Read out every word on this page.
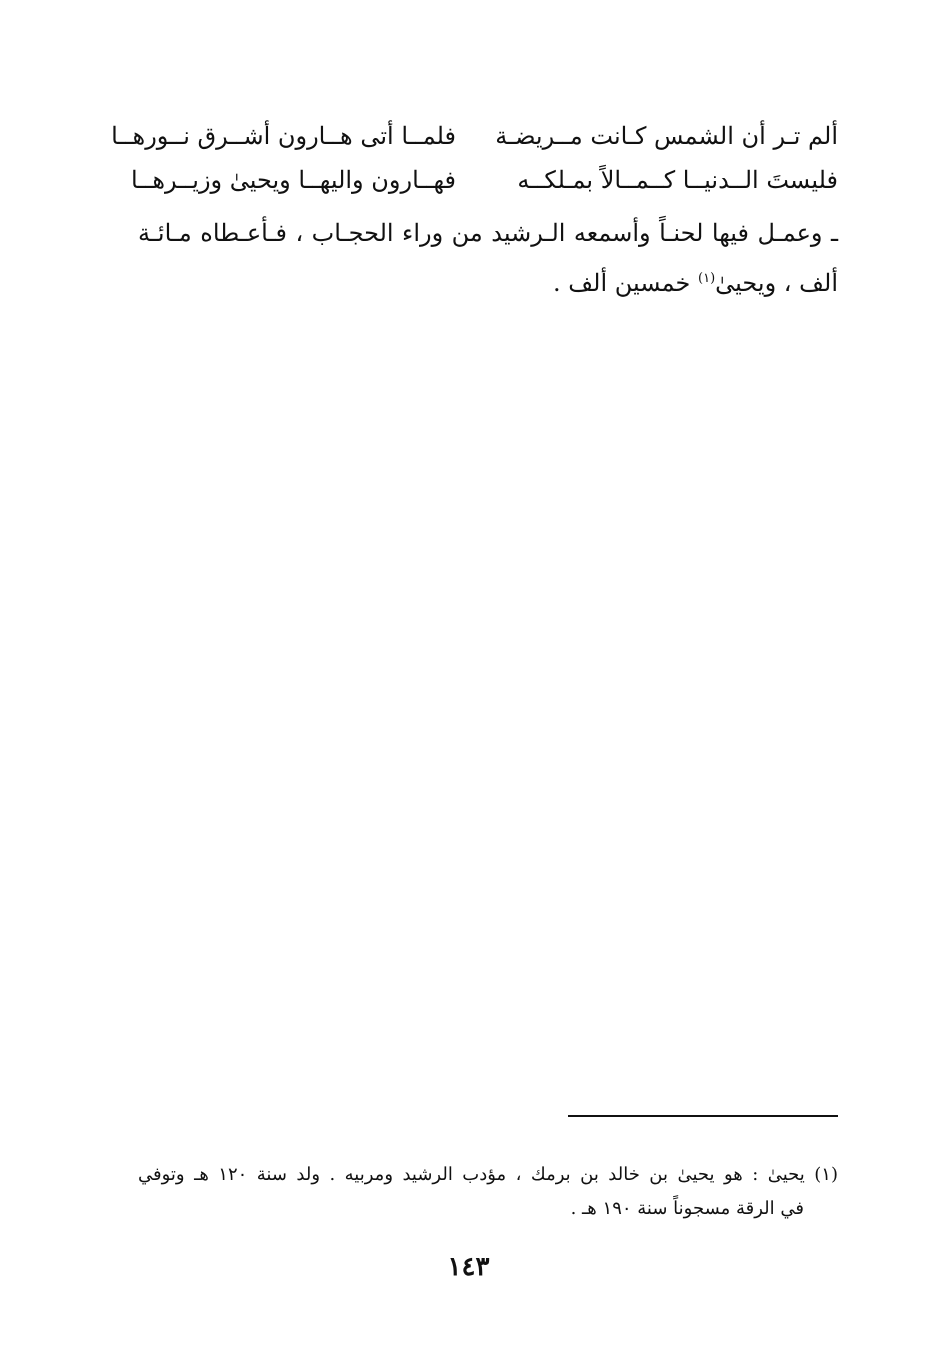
ألم تـر أن الشمس كـانت مــريضـة
فلمــا أتى هــارون أشــرق نــورهــا
فليستَ الــدنيــا كــمــالاً بمـلكــه
فهــارون واليهــا ويحيىٰ وزيــرهــا
ـ وعمـل فيها لحنـاً وأسمعه الـرشيد من وراء الحجـاب ، فـأعـطاه مـائـة
ألف ، ويحيىٰ$^{(١)}$ خمسين ألف .
(١) يحيىٰ : هو يحيىٰ بن خالد بن برمك ، مؤدب الرشيد ومربيه . ولد سنة ١٢٠ هـ وتوفي
في الرقة مسجوناً سنة ١٩٠ هـ .
١٤٣
